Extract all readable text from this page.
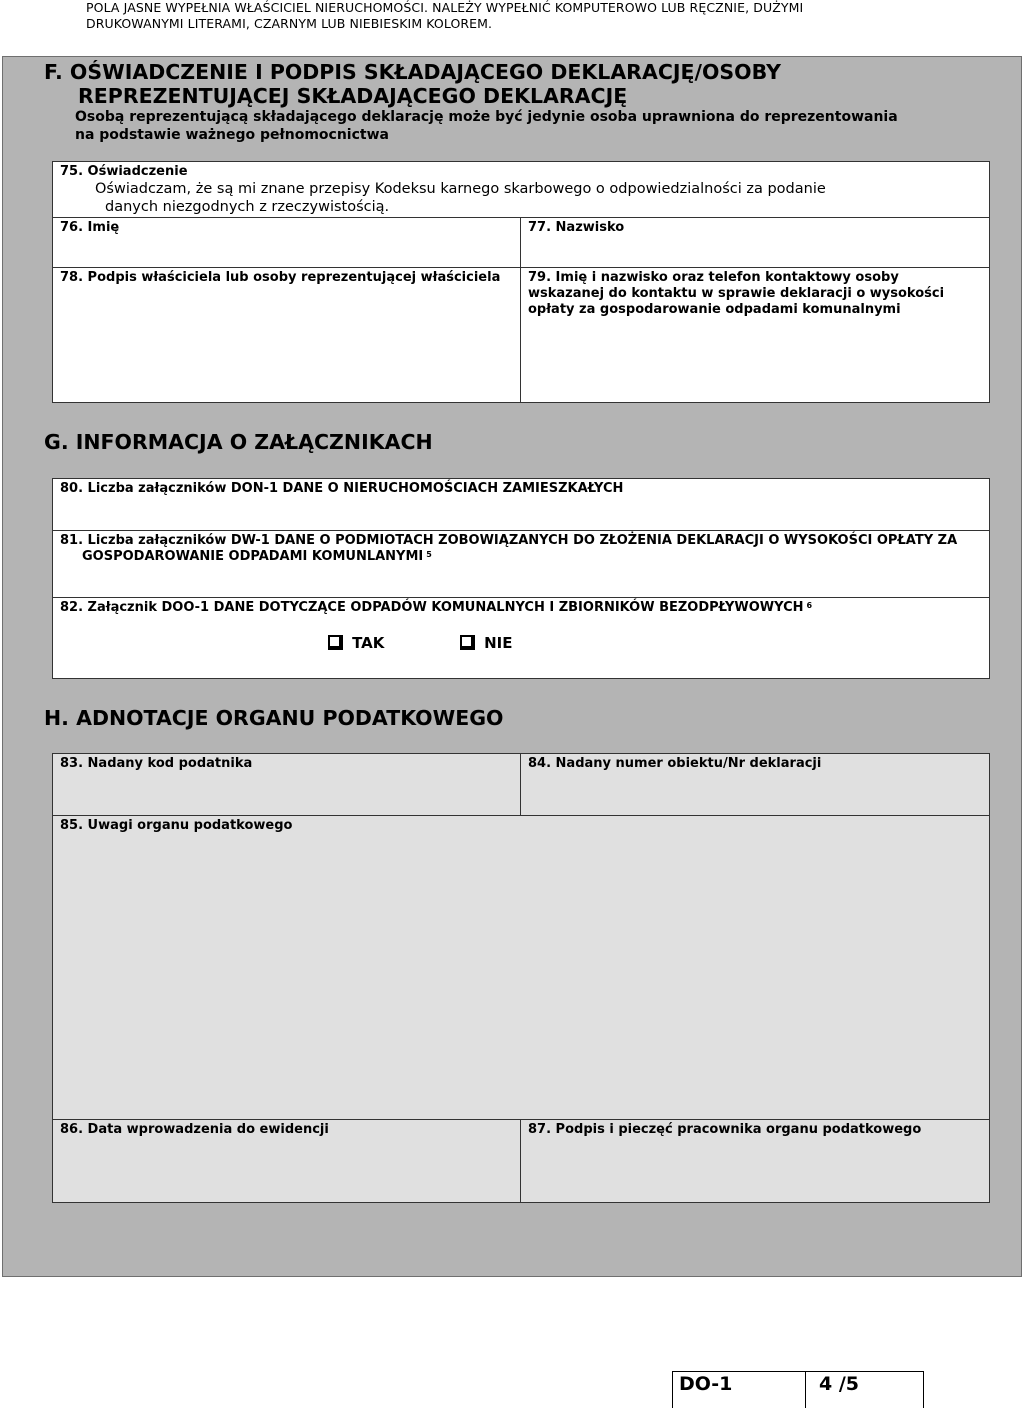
POLA JASNE WYPEŁNIA WŁAŚCICIEL NIERUCHOMOŚCI. NALEŻY WYPEŁNIĆ KOMPUTEROWO LUB RĘCZNIE, DUŻYMI
DRUKOWANYMI LITERAMI, CZARNYM LUB NIEBIESKIM KOLOREM.
F. OŚWIADCZENIE I PODPIS SKŁADAJĄCEGO DEKLARACJĘ/OSOBY
REPREZENTUJĄCEJ SKŁADAJĄCEGO DEKLARACJĘ
Osobą reprezentującą składającego deklarację może być jedynie osoba uprawniona do reprezentowania
na podstawie ważnego pełnomocnictwa
75. Oświadczenie
Oświadczam, że są mi znane przepisy Kodeksu karnego skarbowego o odpowiedzialności za podanie
danych niezgodnych z rzeczywistością.
76. Imię	77. Nazwisko
78. Podpis właściciela lub osoby reprezentującej właściciela	79. Imię i nazwisko oraz telefon kontaktowy osoby
wskazanej do kontaktu w sprawie deklaracji o wysokości
opłaty za gospodarowanie odpadami komunalnymi
G. INFORMACJA O ZAŁĄCZNIKACH
80. Liczba załączników DON-1 DANE O NIERUCHOMOŚCIACH ZAMIESZKAŁYCH
81. Liczba załączników DW-1 DANE O PODMIOTACH ZOBOWIĄZANYCH DO ZŁOŻENIA DEKLARACJI O WYSOKOŚCI OPŁATY ZA
GOSPODAROWANIE ODPADAMI KOMUNLANYMI $^5$
82. Załącznik DOO-1 DANE DOTYCZĄCE ODPADÓW KOMUNALNYCH I ZBIORNIKÓW BEZODPŁYWOWYCH $^6$
TAK	NIE
H. ADNOTACJE ORGANU PODATKOWEGO
83. Nadany kod podatnika	84. Nadany numer obiektu/Nr deklaracji
85. Uwagi organu podatkowego
86. Data wprowadzenia do ewidencji	87. Podpis i pieczęć pracownika organu podatkowego
DO-1	4 /5
